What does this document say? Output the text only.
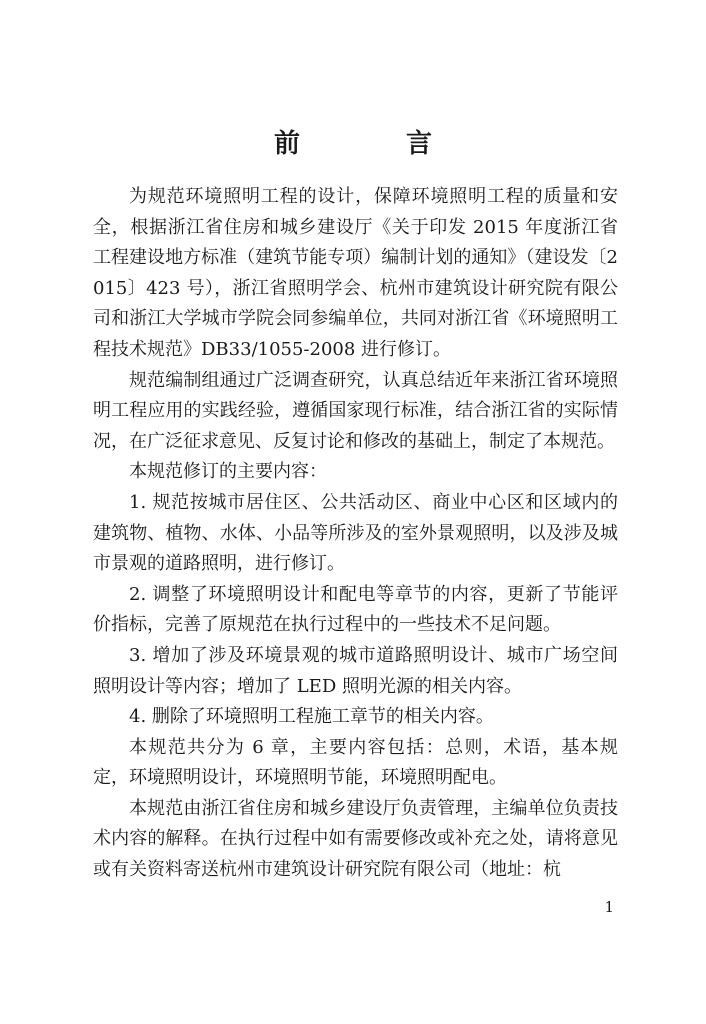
前　言

为规范环境照明工程的设计，保障环境照明工程的质量和安全，根据浙江省住房和城乡建设厅《关于印发 2015 年度浙江省工程建设地方标准（建筑节能专项）编制计划的通知》（建设发〔2015〕423 号），浙江省照明学会、杭州市建筑设计研究院有限公司和浙江大学城市学院会同参编单位，共同对浙江省《环境照明工程技术规范》DB33/1055-2008 进行修订。

规范编制组通过广泛调查研究，认真总结近年来浙江省环境照明工程应用的实践经验，遵循国家现行标准，结合浙江省的实际情况，在广泛征求意见、反复讨论和修改的基础上，制定了本规范。

本规范修订的主要内容：

1. 规范按城市居住区、公共活动区、商业中心区和区域内的建筑物、植物、水体、小品等所涉及的室外景观照明，以及涉及城市景观的道路照明，进行修订。

2. 调整了环境照明设计和配电等章节的内容，更新了节能评价指标，完善了原规范在执行过程中的一些技术不足问题。

3. 增加了涉及环境景观的城市道路照明设计、城市广场空间照明设计等内容；增加了 LED 照明光源的相关内容。

4. 删除了环境照明工程施工章节的相关内容。

本规范共分为 6 章，主要内容包括：总则，术语，基本规定，环境照明设计，环境照明节能，环境照明配电。

本规范由浙江省住房和城乡建设厅负责管理，主编单位负责技术内容的解释。在执行过程中如有需要修改或补充之处，请将意见或有关资料寄送杭州市建筑设计研究院有限公司（地址：杭

1
